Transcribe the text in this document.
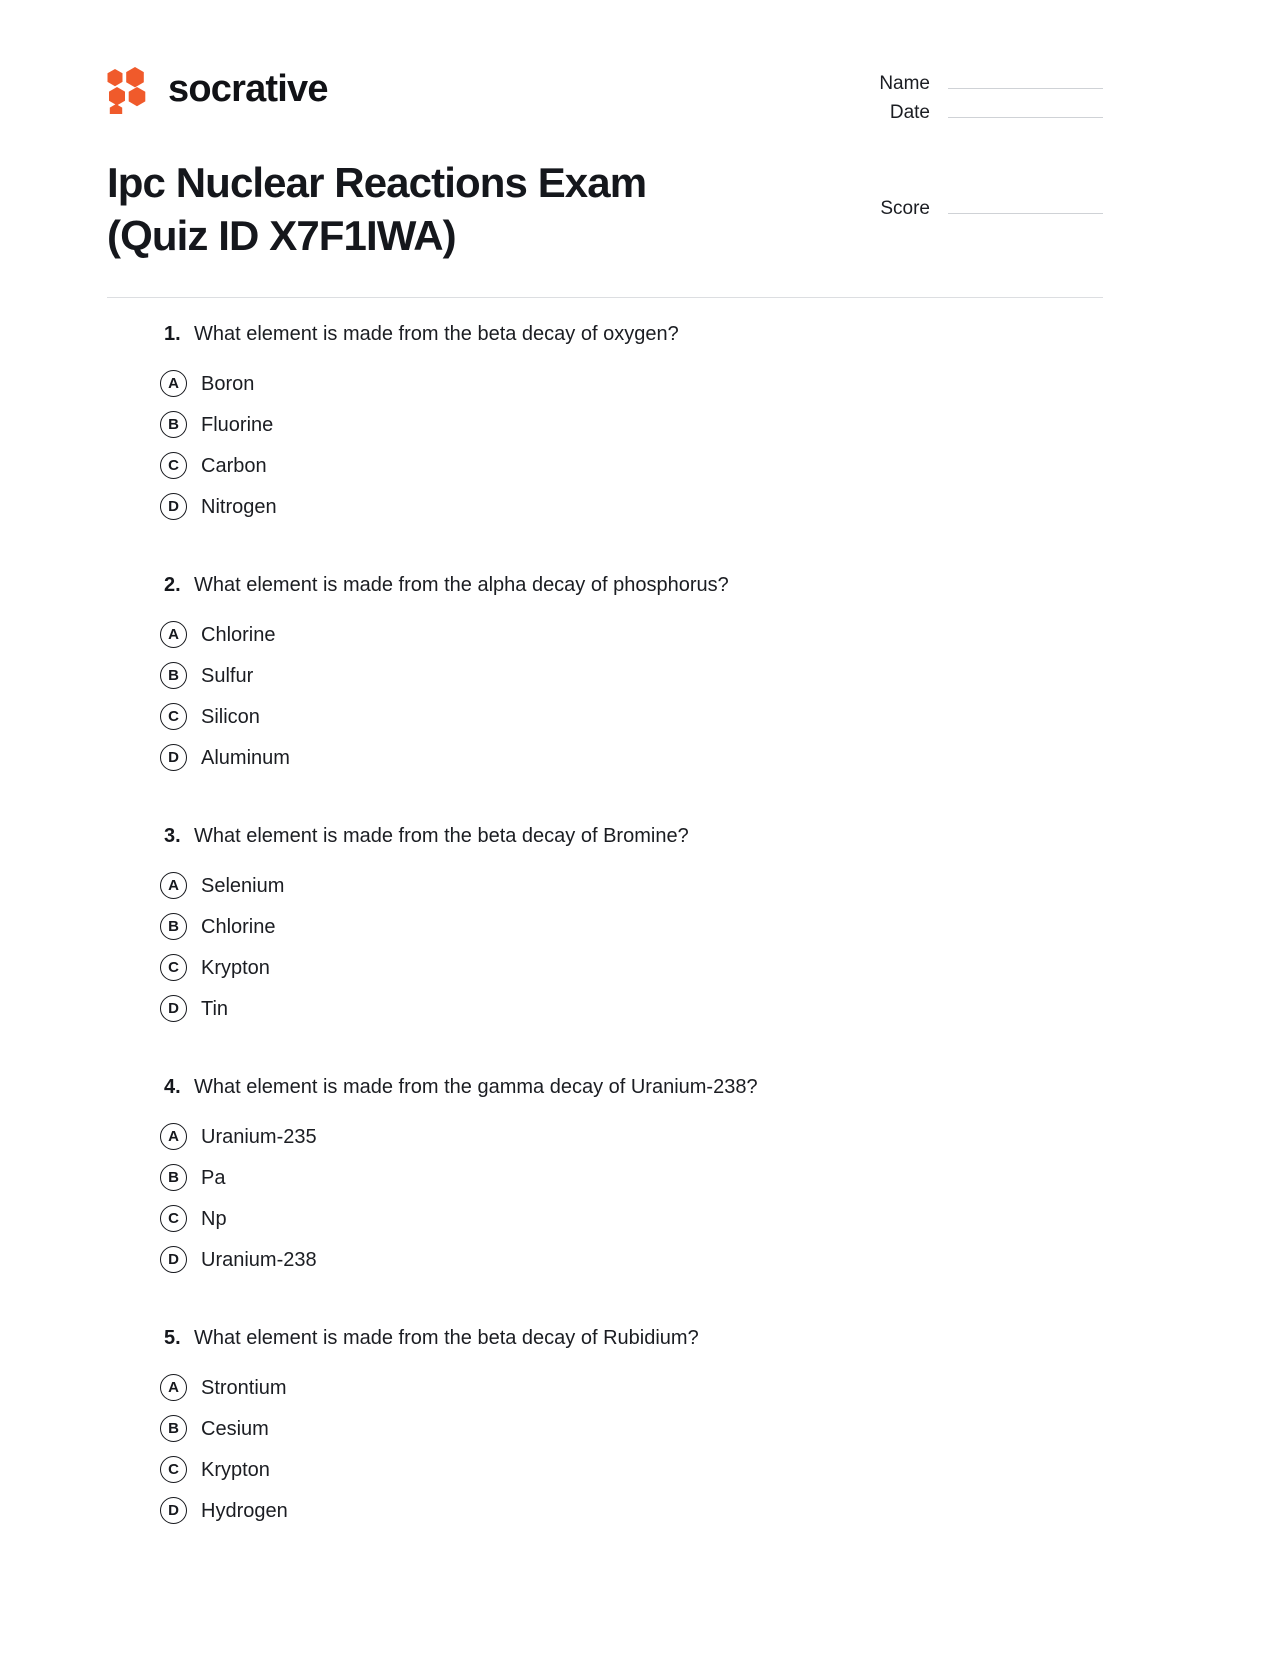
socrative	Name
Date
Score
Ipc Nuclear Reactions Exam
(Quiz ID X7F1IWA)
1. What element is made from the beta decay of oxygen?
A	Boron
B	Fluorine
C	Carbon
D	Nitrogen
2. What element is made from the alpha decay of phosphorus?
A	Chlorine
B	Sulfur
C	Silicon
D	Aluminum
3. What element is made from the beta decay of Bromine?
A	Selenium
B	Chlorine
C	Krypton
D	Tin
4. What element is made from the gamma decay of Uranium-238?
A	Uranium-235
B	Pa
C	Np
D	Uranium-238
5. What element is made from the beta decay of Rubidium?
A	Strontium
B	Cesium
C	Krypton
D	Hydrogen
